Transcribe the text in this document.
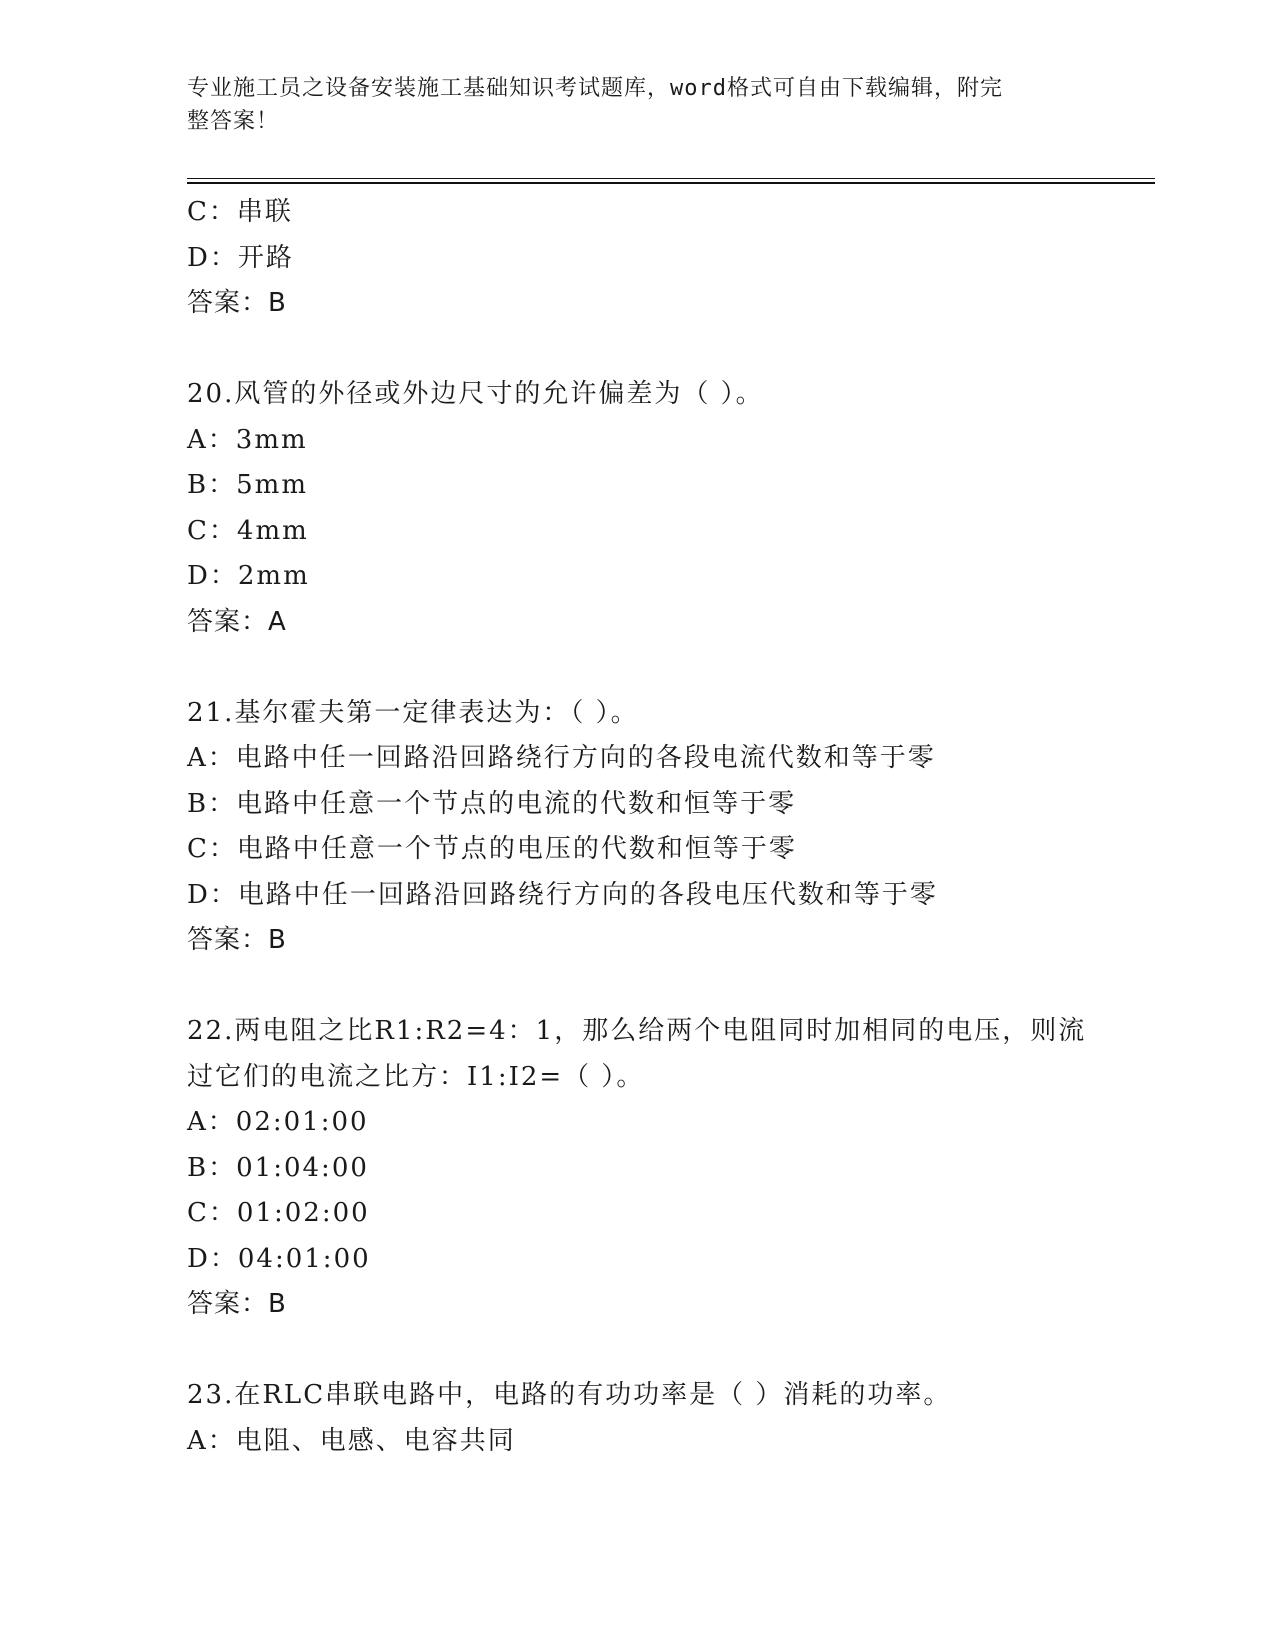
专业施工员之设备安装施工基础知识考试题库，word格式可自由下载编辑，附完
整答案！
C：串联
D：开路
答案：B
20.风管的外径或外边尺寸的允许偏差为（ ）。
A：3mm
B：5mm
C：4mm
D：2mm
答案：A
21.基尔霍夫第一定律表达为：（ ）。
A：电路中任一回路沿回路绕行方向的各段电流代数和等于零
B：电路中任意一个节点的电流的代数和恒等于零
C：电路中任意一个节点的电压的代数和恒等于零
D：电路中任一回路沿回路绕行方向的各段电压代数和等于零
答案：B
22.两电阻之比R1:R2=4：1，那么给两个电阻同时加相同的电压，则流
过它们的电流之比方：I1:I2=（ ）。
A：02:01:00
B：01:04:00
C：01:02:00
D：04:01:00
答案：B
23.在RLC串联电路中，电路的有功功率是（ ）消耗的功率。
A：电阻、电感、电容共同
